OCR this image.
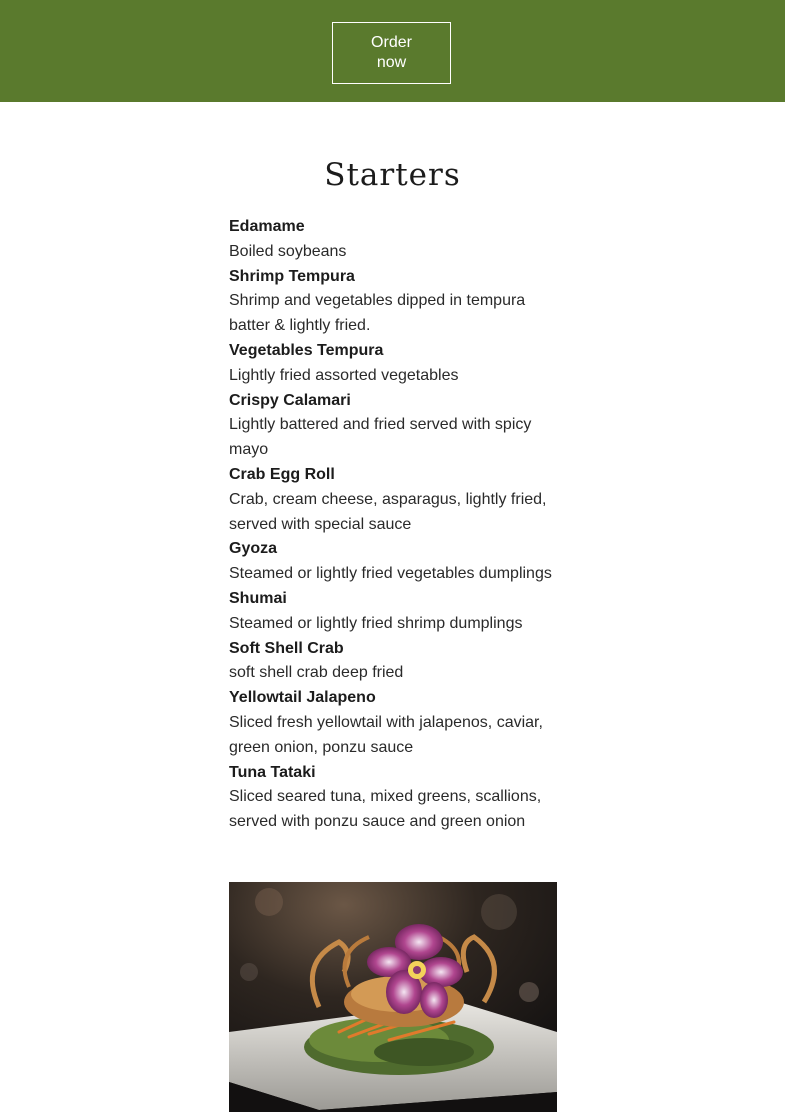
Order now
Starters
Edamame
Boiled soybeans
Shrimp Tempura
Shrimp and vegetables dipped in tempura batter & lightly fried.
Vegetables Tempura
Lightly fried assorted vegetables
Crispy Calamari
Lightly battered and fried served with spicy mayo
Crab Egg Roll
Crab, cream cheese, asparagus, lightly fried, served with special sauce
Gyoza
Steamed or lightly fried vegetables dumplings
Shumai
Steamed or lightly fried shrimp dumplings
Soft Shell Crab
soft shell crab deep fried
Yellowtail Jalapeno
Sliced fresh yellowtail with jalapenos, caviar, green onion, ponzu sauce
Tuna Tataki
Sliced seared tuna, mixed greens, scallions, served with ponzu sauce and green onion
